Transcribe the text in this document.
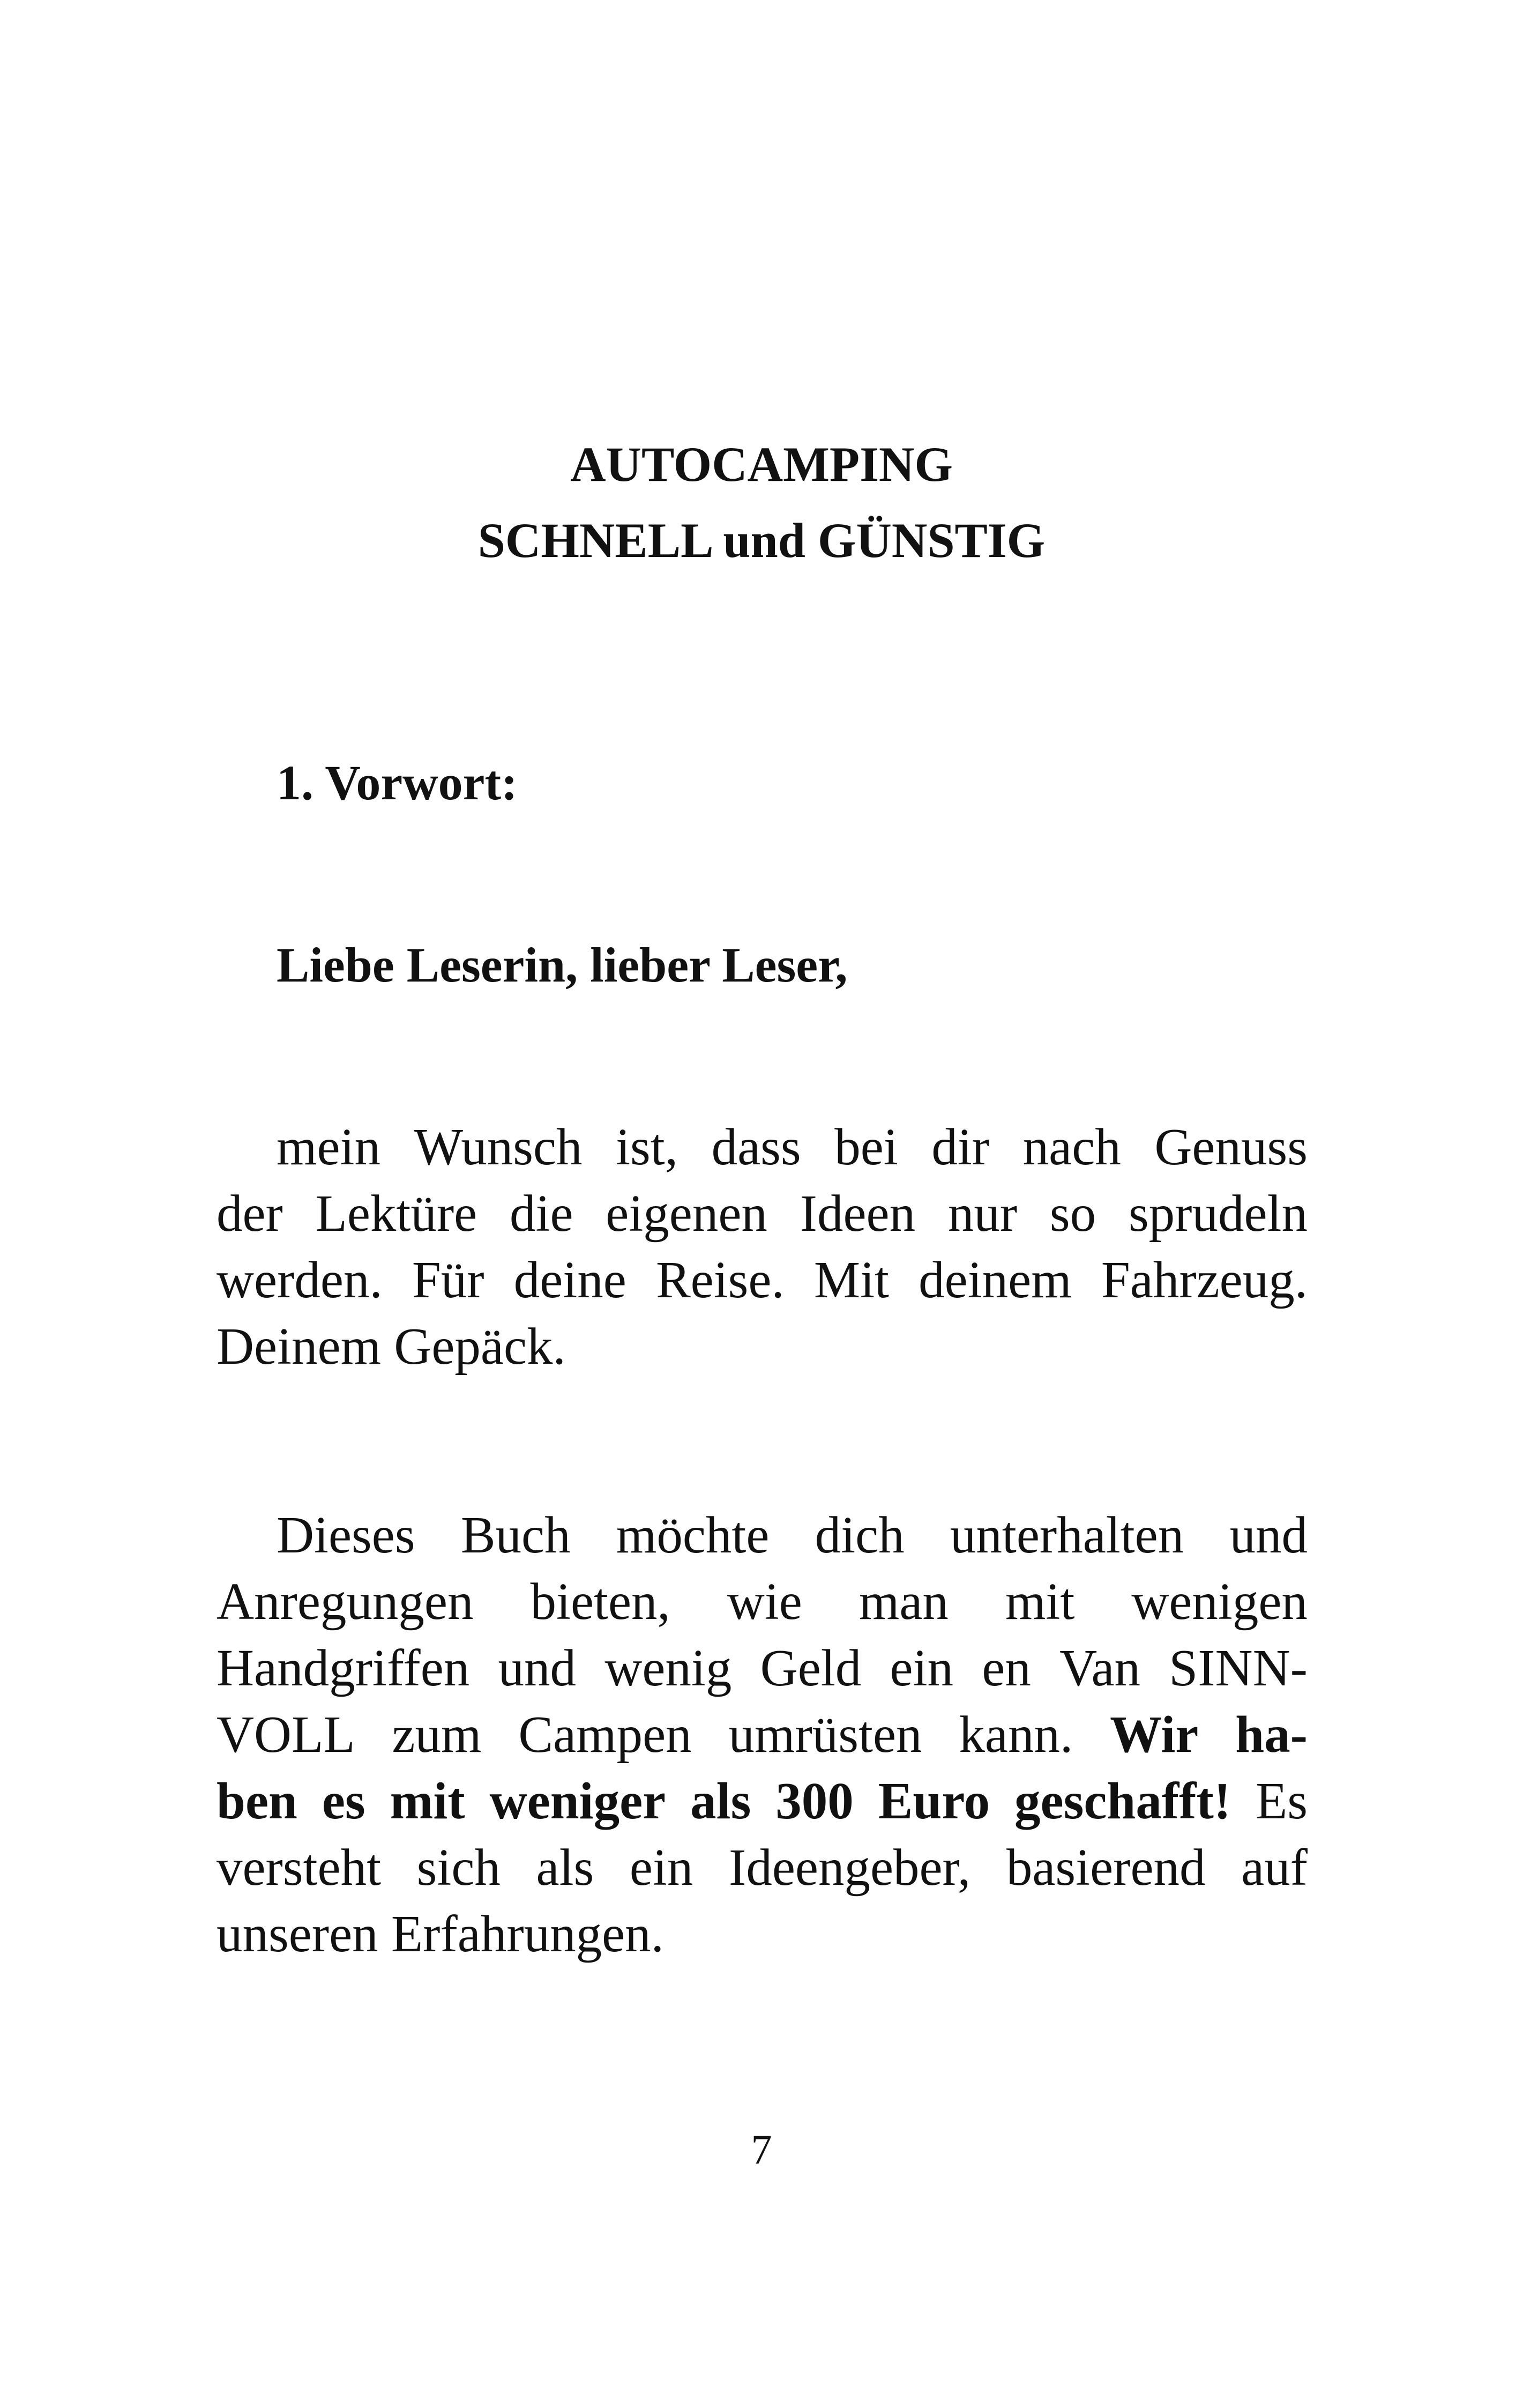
AUTOCAMPING
SCHNELL und GÜNSTIG
1. Vorwort:
Liebe Leserin, lieber Leser,
mein Wunsch ist, dass bei dir nach Genuss
der Lektüre die eigenen Ideen nur so sprudeln
werden. Für deine Reise. Mit deinem Fahrzeug.
Deinem Gepäck.
Dieses Buch möchte dich unterhalten und
Anregungen bieten, wie man mit wenigen
Handgriffen und wenig Geld ein en Van SINN-
VOLL zum Campen umrüsten kann. Wir ha-
ben es mit weniger als 300 Euro geschafft! Es
versteht sich als ein Ideengeber, basierend auf
unseren Erfahrungen.
7
